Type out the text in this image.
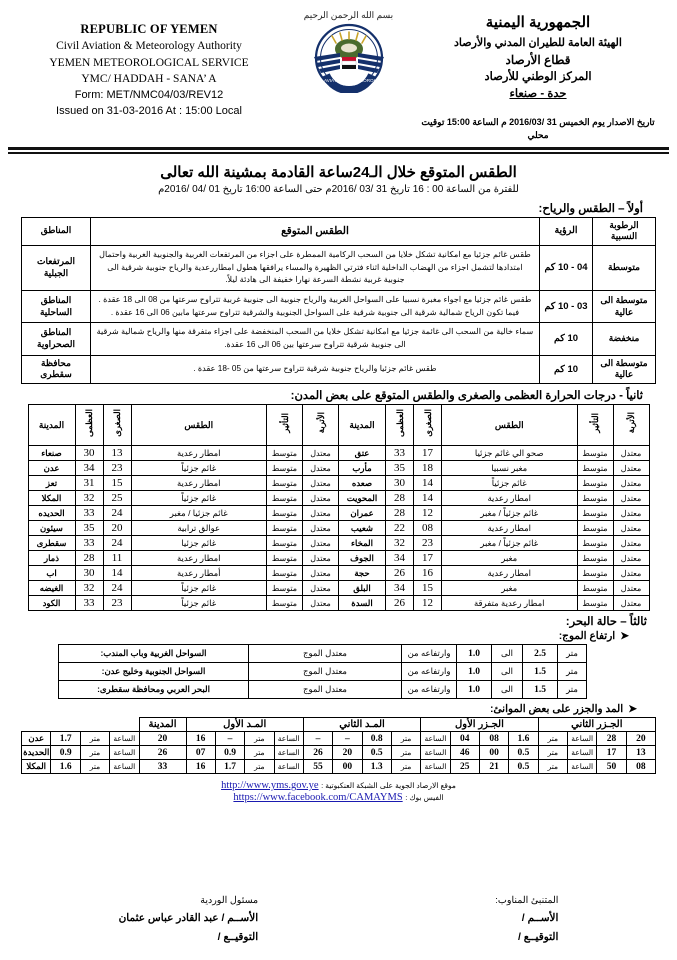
REPUBLIC OF YEMEN
Civil Aviation & Meteorology Authority
YEMEN METEOROLOGICAL SERVICE
YMC/ HADDAH - SANA’ A
Form: MET/NMC04/03/REV12
Issued on 31-03-2016 At : 15:00 Local
بسم الله الرحمن الرحيم
CIVIL AVIATION & METEOROLOGY
الجمهورية اليمنية
الهيئة العامة للطيران المدني والأرصاد
قطاع الأرصاد
المركز الوطني للأرصاد
حدة - صنعاء
تاريخ الاصدار يوم الخميس 31 /2016/03 م الساعة 15:00 توقيت محلي
الطقس المتوقع خلال الـ24ساعة القادمة بمشينة الله تعالى
للفترة من الساعة 00 : 16 تاريخ 31 /03 /2016م حتى الساعة 16:00 تاريخ 01 /04 /2016م
أولاً – الطقس والرياح:
الرطوبة النسبية	الرؤية	الطقس المتوقع	المناطق
متوسطة	04 - 10 كم	طقس غائم جزئيا مع امكانية تشكل خلايا من السحب الركامية الممطرة على اجزاء من المرتفعات الغربية والجنوبية الغربية واحتمال امتدادها لتشمل اجزاء من الهضاب الداخلية اثناء فترتي الظهيرة والمساء يرافقها هطول امطاررعدية والرياح جنوبية شرقية الى جنوبية غربية نشطة السرعة نهارا خفيفة الى هادئة ليلاً.	المرتفعات الجبلية
متوسطة الى عالية	03 - 10 كم	طقس غائم جزئيا مع اجواء مغبرة نسبيا على السواحل الغربية والرياح جنوبية الى جنوبية غربية تتراوح سرعتها من 08 الى 18 عقدة . فيما تكون الرياح شمالية شرقية الى جنوبية شرقية على السواحل الجنوبية والشرقية تتراوح سرعتها مابين 06 الى 16 عقدة .	المناطق الساحلية
منخفضة	10 كم	سماء خالية من السحب الى غائمة جزئيا مع امكانية تشكل خلايا من السحب المنخفضة على اجزاء متفرقة منها والرياح شمالية شرقية الى جنوبية شرقية تتراوح سرعتها بين 06 الى 16 عقدة.	المناطق الصحراوية
متوسطة الى عالية	10 كم	طقس غائم جزئيا والرياح جنوبية شرقية تتراوح سرعتها من 05 -18 عقدة .	محافظة سقطرى
ثانياً - درجات الحرارة العظمى والصغرى والطقس المتوقع على بعض المدن:
الأتربة	التأثير	الطقس	الصغرى	العظمى	المدينة	الأتربة	التأثير	الطقس	الصغرى	العظمى	المدينة
معتدل	متوسط	صحو الي غائم جزئيا	17	33	عتق	معتدل	متوسط	امطار رعدية	13	30	صنعاء
معتدل	متوسط	مغبر نسبيا	18	35	مأرب	معتدل	متوسط	غائم جزئياً	23	34	عدن
معتدل	متوسط	غائم جزئياً	14	30	صعده	معتدل	متوسط	امطار رعدية	15	31	تعز
معتدل	متوسط	امطار رعدية	14	28	المحويت	معتدل	متوسط	غائم جزئياً	25	32	المكلا
معتدل	متوسط	غائم جزئياً / مغبر	12	28	عمران	معتدل	متوسط	غائم جزئيا / مغبر	24	33	الحديده
معتدل	متوسط	امطار رعدية	08	22	شعيب	معتدل	متوسط	عوالق ترابية	20	35	سيئون
معتدل	متوسط	غائم جزئياً / مغبر	23	32	المخاء	معتدل	متوسط	غائم جزئيا	24	33	سقطرى
معتدل	متوسط	مغبر	17	34	الجوف	معتدل	متوسط	امطار رعدية	11	28	ذمار
معتدل	متوسط	امطار رعدية	16	26	حجة	معتدل	متوسط	أمطار رعدية	14	30	اب
معتدل	متوسط	مغبر	15	34	البلق	معتدل	متوسط	غائم جزئياً	24	32	الغيضه
معتدل	متوسط	امطار رعدية متفرقة	12	26	السدة	معتدل	متوسط	غائم جزئياً	23	33	الكود
ثالثاً – حالة البحر:
➤ارتفاع الموج:
متر	2.5	الى	1.0	وارتفاعه من	معتدل الموج	السواحل الغربية وباب المندب:
متر	1.5	الى	1.0	وارتفاعه من	معتدل الموج	السواحل الجنوبية وخليج عدن:
متر	1.5	الى	1.0	وارتفاعه من	معتدل الموج	البحر العربي ومحافظة سقطرى:
➤المد والجزر على بعض الموانئ:
الجـزر الثاني				الجـزر الأول				المـد الثاني				المـد الأول				المدينة				
20	28	الساعة	متر	1.6	08	04	الساعة	متر	0.8	–	–	الساعة	متر	–	16	20	الساعة	متر	1.7	عدن
13	17	الساعة	متر	0.5	00	46	الساعة	متر	0.5	20	26	الساعة	متر	0.9	07	26	الساعة	متر	0.9	الحديدة
08	50	الساعة	متر	0.5	21	25	الساعة	متر	1.3	00	55	الساعة	متر	1.7	16	33	الساعة	متر	1.6	المكلا
موقع الارصاد الجوية على الشبكة العنكبوتية : http://www.yms.gov.ye
الفيس بوك : https://www.facebook.com/CAMAYMS
المتنبئ المناوب:
الأســم /
التوقيــع /
مسئول الوردية
الأســم / عبد القادر عباس عثمان
التوقيــع /
